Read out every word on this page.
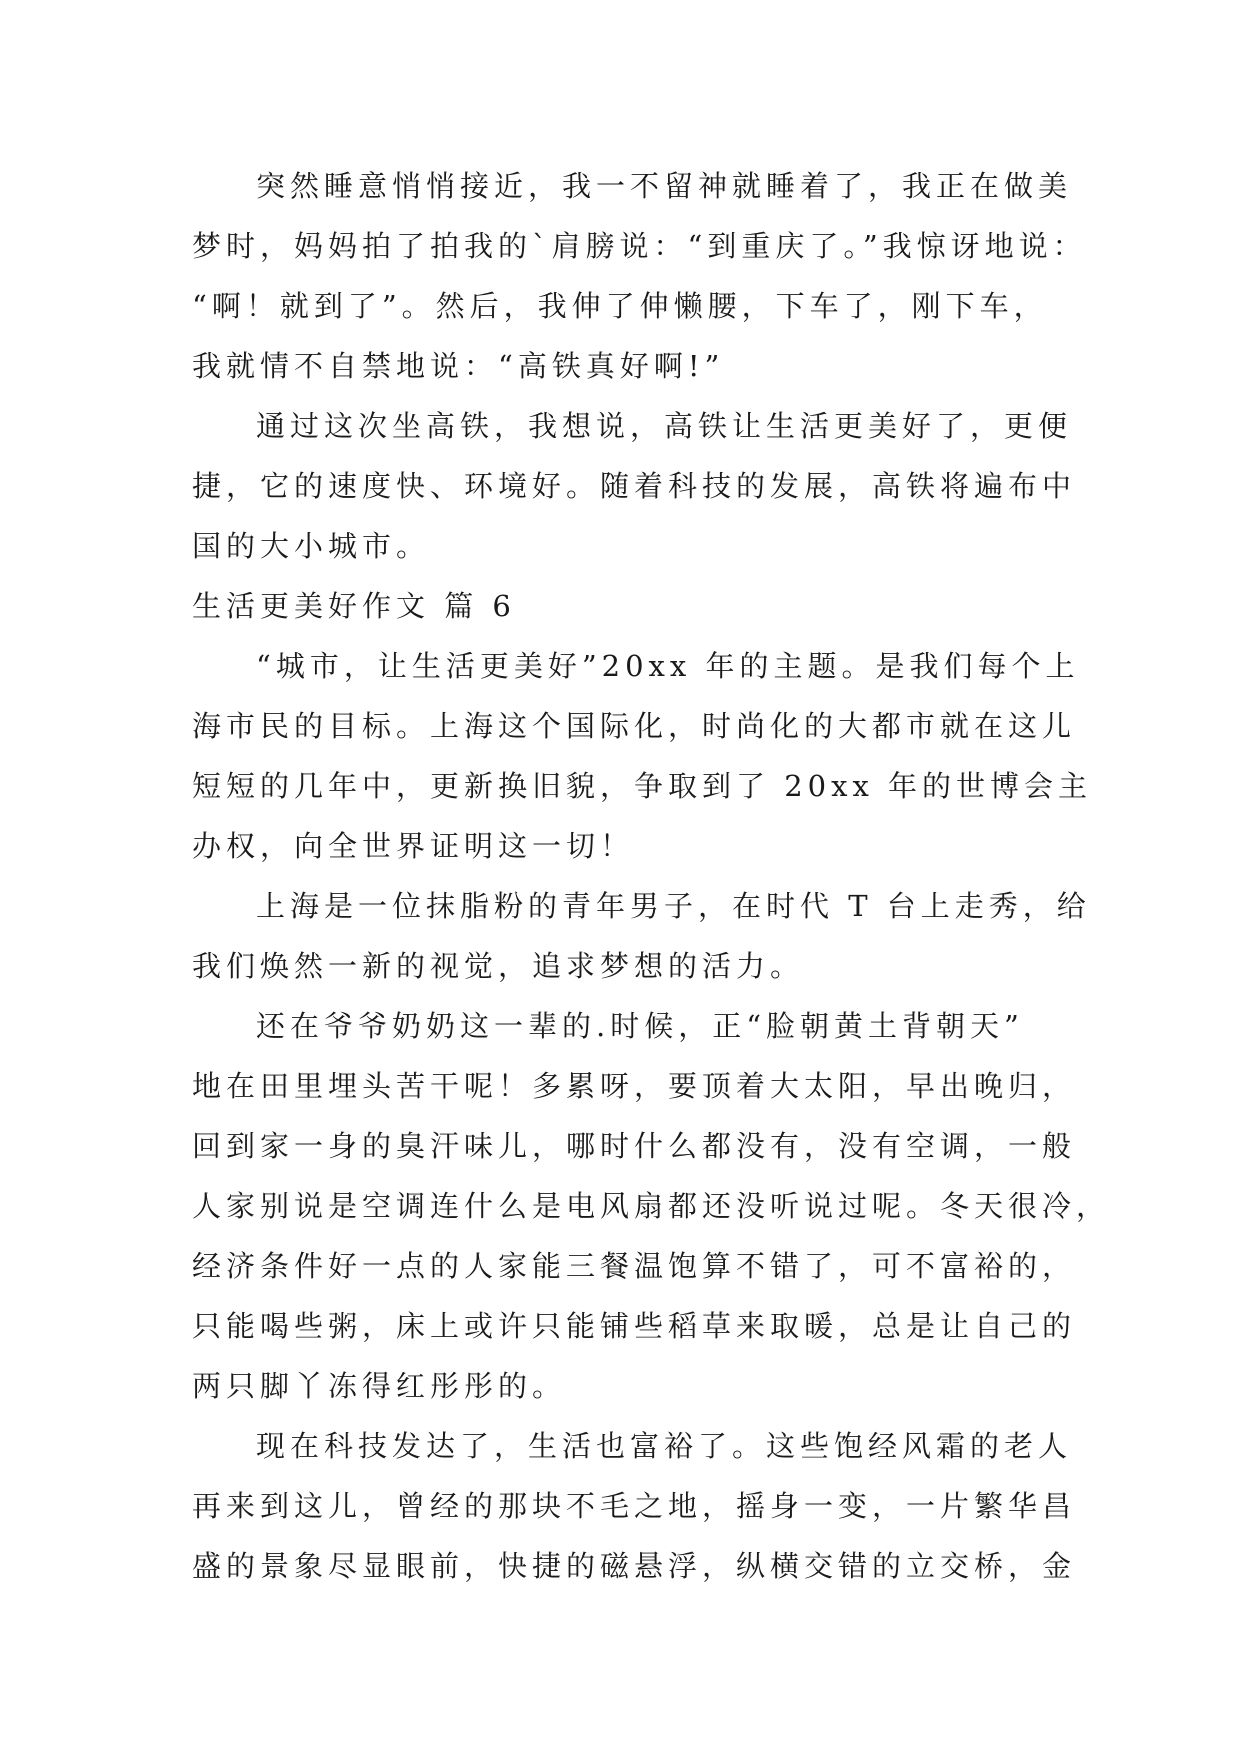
突然睡意悄悄接近，我一不留神就睡着了，我正在做美
梦时，妈妈拍了拍我的`肩膀说：“到重庆了。”我惊讶地说：
“啊！就到了”。然后，我伸了伸懒腰，下车了，刚下车，
我就情不自禁地说：“高铁真好啊!”
通过这次坐高铁，我想说，高铁让生活更美好了，更便
捷，它的速度快、环境好。随着科技的发展，高铁将遍布中
国的大小城市。
生活更美好作文 篇 6
“城市，让生活更美好”20xx 年的主题。是我们每个上
海市民的目标。上海这个国际化，时尚化的大都市就在这儿
短短的几年中，更新换旧貌，争取到了 20xx 年的世博会主
办权，向全世界证明这一切！
上海是一位抹脂粉的青年男子，在时代 T 台上走秀，给
我们焕然一新的视觉，追求梦想的活力。
还在爷爷奶奶这一辈的.时候，正“脸朝黄土背朝天”
地在田里埋头苦干呢！多累呀，要顶着大太阳，早出晚归，
回到家一身的臭汗味儿，哪时什么都没有，没有空调，一般
人家别说是空调连什么是电风扇都还没听说过呢。冬天很冷，
经济条件好一点的人家能三餐温饱算不错了，可不富裕的，
只能喝些粥，床上或许只能铺些稻草来取暖，总是让自己的
两只脚丫冻得红彤彤的。
现在科技发达了，生活也富裕了。这些饱经风霜的老人
再来到这儿，曾经的那块不毛之地，摇身一变，一片繁华昌
盛的景象尽显眼前，快捷的磁悬浮，纵横交错的立交桥，金
